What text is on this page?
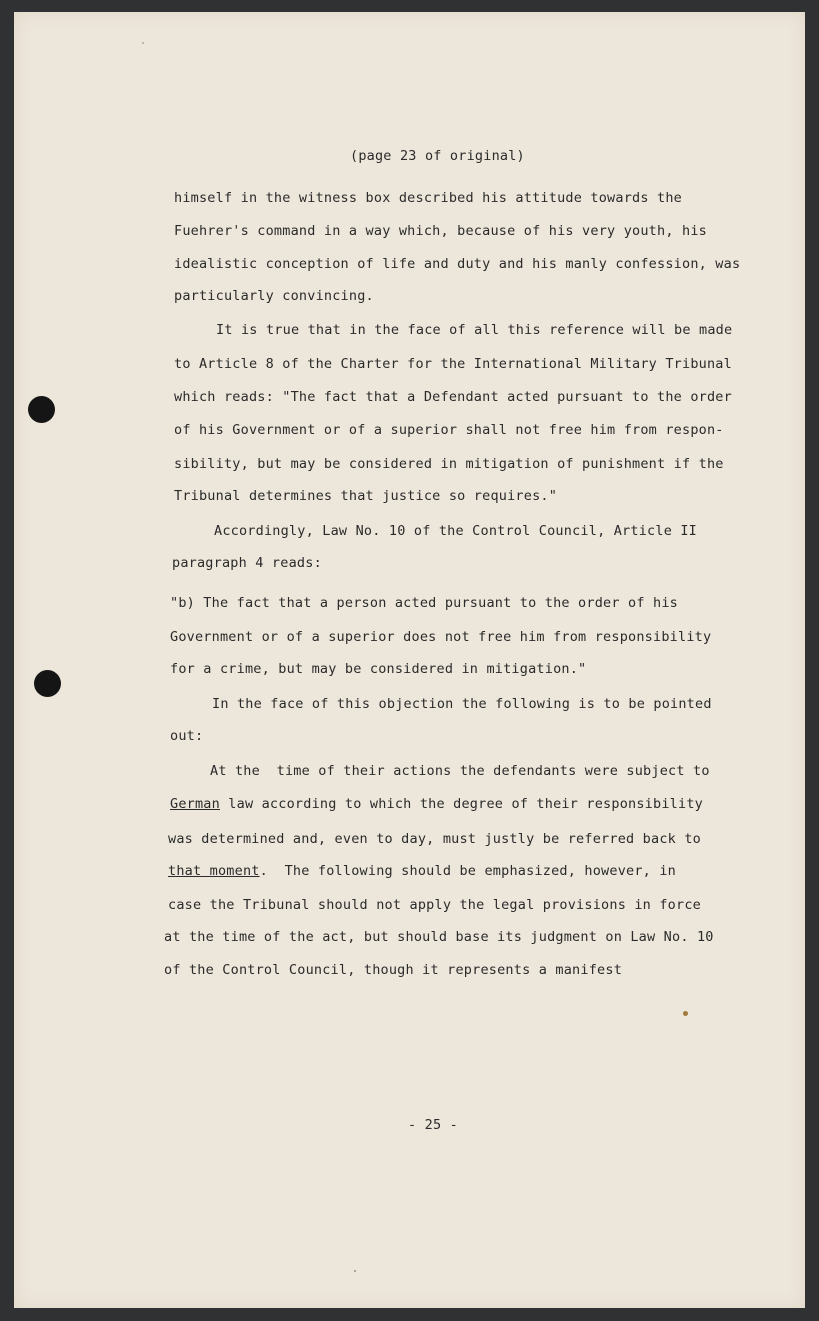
(page 23 of original)
himself in the witness box described his attitude towards the
Fuehrer's command in a way which, because of his very youth, his
idealistic conception of life and duty and his manly confession, was
particularly convincing.
It is true that in the face of all this reference will be made
to Article 8 of the Charter for the International Military Tribunal
which reads: "The fact that a Defendant acted pursuant to the order
of his Government or of a superior shall not free him from respon-
sibility, but may be considered in mitigation of punishment if the
Tribunal determines that justice so requires."
Accordingly, Law No. 10 of the Control Council, Article II
paragraph 4 reads:
"b) The fact that a person acted pursuant to the order of his
Government or of a superior does not free him from responsibility
for a crime, but may be considered in mitigation."
In the face of this objection the following is to be pointed
out:
At the  time of their actions the defendants were subject to
German law according to which the degree of their responsibility
was determined and, even to day, must justly be referred back to
that moment.  The following should be emphasized, however, in
case the Tribunal should not apply the legal provisions in force
at the time of the act, but should base its judgment on Law No. 10
of the Control Council, though it represents a manifest
- 25 -
